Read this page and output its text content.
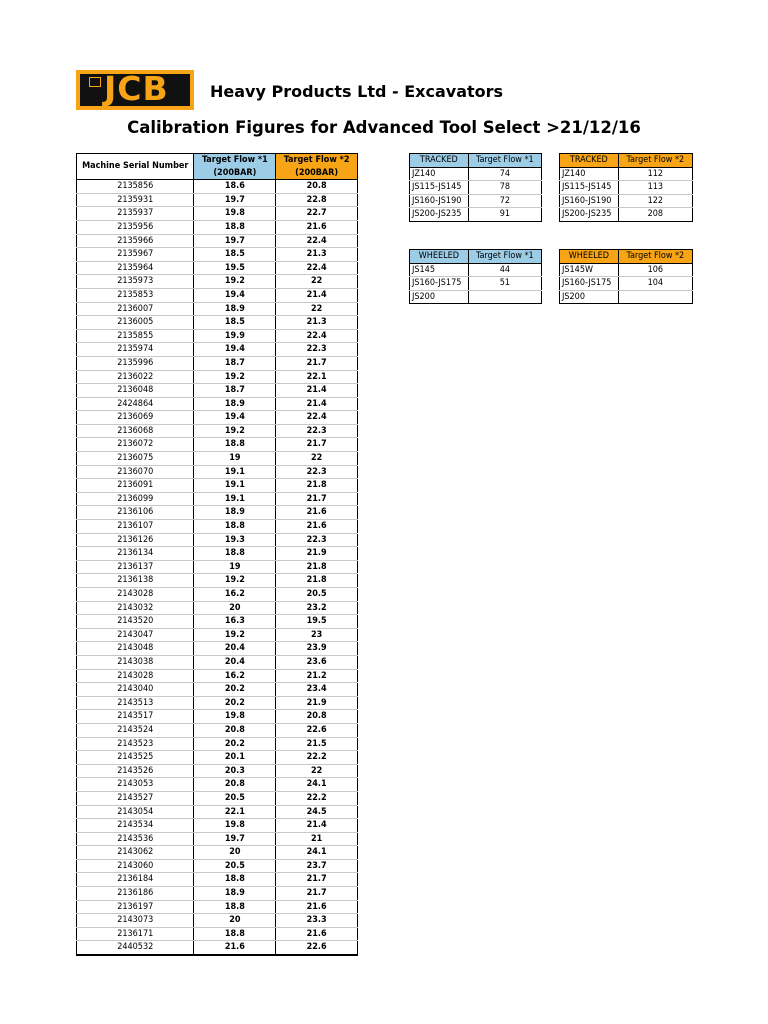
JCB	Heavy Products Ltd - Excavators
Calibration Figures for Advanced Tool Select >21/12/16
Machine Serial Number	Target Flow *1	Target Flow *2
	(200BAR)	(200BAR)
2135856	18.6	20.8
2135931	19.7	22.8
2135937	19.8	22.7
2135956	18.8	21.6
2135966	19.7	22.4
2135967	18.5	21.3
2135964	19.5	22.4
2135973	19.2	22
2135853	19.4	21.4
2136007	18.9	22
2136005	18.5	21.3
2135855	19.9	22.4
2135974	19.4	22.3
2135996	18.7	21.7
2136022	19.2	22.1
2136048	18.7	21.4
2424864	18.9	21.4
2136069	19.4	22.4
2136068	19.2	22.3
2136072	18.8	21.7
2136075	19	22
2136070	19.1	22.3
2136091	19.1	21.8
2136099	19.1	21.7
2136106	18.9	21.6
2136107	18.8	21.6
2136126	19.3	22.3
2136134	18.8	21.9
2136137	19	21.8
2136138	19.2	21.8
2143028	16.2	20.5
2143032	20	23.2
2143520	16.3	19.5
2143047	19.2	23
2143048	20.4	23.9
2143038	20.4	23.6
2143028	16.2	21.2
2143040	20.2	23.4
2143513	20.2	21.9
2143517	19.8	20.8
2143524	20.8	22.6
2143523	20.2	21.5
2143525	20.1	22.2
2143526	20.3	22
2143053	20.8	24.1
2143527	20.5	22.2
2143054	22.1	24.5
2143534	19.8	21.4
2143536	19.7	21
2143062	20	24.1
2143060	20.5	23.7
2136184	18.8	21.7
2136186	18.9	21.7
2136197	18.8	21.6
2143073	20	23.3
2136171	18.8	21.6
2440532	21.6	22.6
TRACKED	Target Flow *1
JZ140	74
JS115-JS145	78
JS160-JS190	72
JS200-JS235	91
TRACKED	Target Flow *2
JZ140	112
JS115-JS145	113
JS160-JS190	122
JS200-JS235	208
WHEELED	Target Flow *1
JS145	44
JS160-JS175	51
JS200	
WHEELED	Target Flow *2
JS145W	106
JS160-JS175	104
JS200	
